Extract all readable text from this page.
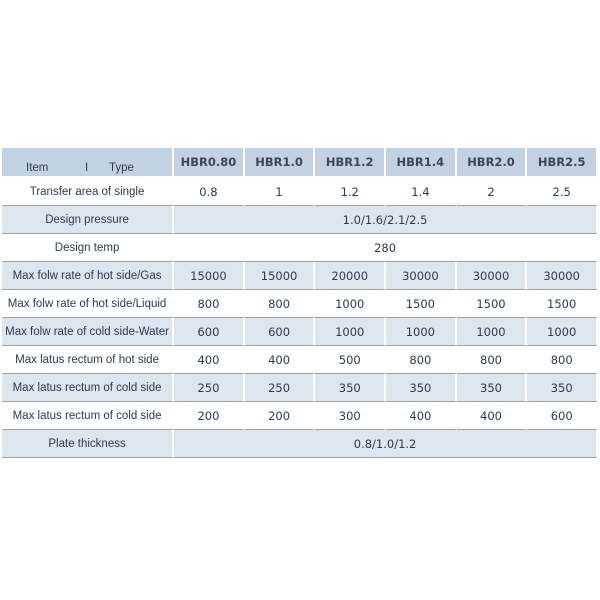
Item I Type	HBR0.80	HBR1.0	HBR1.2	HBR1.4	HBR2.0	HBR2.5
Transfer area of single	0.8	1	1.2	1.4	2	2.5
Design pressure	1.0/1.6/2.1/2.5					
Design temp	280					
Max folw rate of hot side/Gas	15000	15000	20000	30000	30000	30000
Max folw rate of hot side/Liquid	800	800	1000	1500	1500	1500
Max folw rate of cold side-Water	600	600	1000	1000	1000	1000
Max latus rectum of hot side	400	400	500	800	800	800
Max latus rectum of cold side	250	250	350	350	350	350
Max latus rectum of cold side	200	200	300	400	400	600
Plate thickness	0.8/1.0/1.2					
